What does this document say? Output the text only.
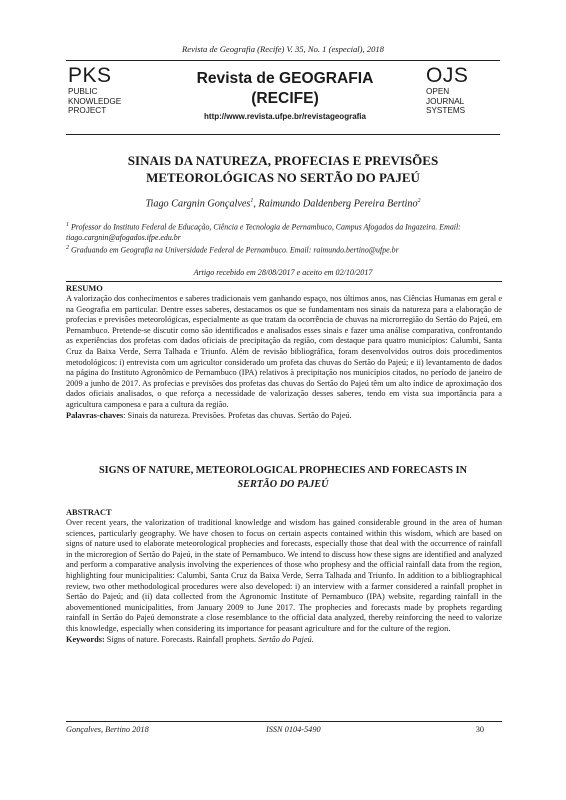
Revista de Geografia (Recife) V. 35, No. 1 (especial), 2018
PKS
PUBLIC
KNOWLEDGE
PROJECT
Revista de GEOGRAFIA
(RECIFE)
http://www.revista.ufpe.br/revistageografia
OJS
OPEN
JOURNAL
SYSTEMS
SINAIS DA NATUREZA, PROFECIAS E PREVISÕES
METEOROLÓGICAS NO SERTÃO DO PAJEÚ
Tiago Cargnin Gonçalves$^1$, Raimundo Daldenberg Pereira Bertino$^2$
$^1$ Professor do Instituto Federal de Educação, Ciência e Tecnologia de Pernambuco, Campus Afogados da Ingazeira. Email: tiago.cargnin@afogados.ifpe.edu.br
$^2$ Graduando em Geografia na Universidade Federal de Pernambuco. Email: raimundo.bertino@ufpe.br
Artigo recebido em 28/08/2017 e aceito em 02/10/2017
RESUMO

A valorização dos conhecimentos e saberes tradicionais vem ganhando espaço, nos últimos anos, nas Ciências Humanas em geral e na Geografia em particular. Dentre esses saberes, destacamos os que se fundamentam nos sinais da natureza para a elaboração de profecias e previsões meteorológicas, especialmente as que tratam da ocorrência de chuvas na microrregião do Sertão do Pajeú, em Pernambuco. Pretende-se discutir como são identificados e analisados esses sinais e fazer uma análise comparativa, confrontando as experiências dos profetas com dados oficiais de precipitação da região, com destaque para quatro municípios: Calumbi, Santa Cruz da Baixa Verde, Serra Talhada e Triunfo. Além de revisão bibliográfica, foram desenvolvidos outros dois procedimentos metodológicos: i) entrevista com um agricultor considerado um profeta das chuvas do Sertão do Pajeú; e ii) levantamento de dados na página do Instituto Agronômico de Pernambuco (IPA) relativos à precipitação nos municípios citados, no período de janeiro de 2009 a junho de 2017. As profecias e previsões dos profetas das chuvas do Sertão do Pajeú têm um alto índice de aproximação dos dados oficiais analisados, o que reforça a necessidade de valorização desses saberes, tendo em vista sua importância para a agricultura camponesa e para a cultura da região.

Palavras-chaves: Sinais da natureza. Previsões. Profetas das chuvas. Sertão do Pajeú.

SIGNS OF NATURE, METEOROLOGICAL PROPHECIES AND FORECASTS IN
SERTÃO DO PAJEÚ
ABSTRACT

Over recent years, the valorization of traditional knowledge and wisdom has gained considerable ground in the area of human sciences, particularly geography. We have chosen to focus on certain aspects contained within this wisdom, which are based on signs of nature used to elaborate meteorological prophecies and forecasts, especially those that deal with the occurrence of rainfall in the microregion of Sertão do Pajeú, in the state of Pernambuco. We intend to discuss how these signs are identified and analyzed and perform a comparative analysis involving the experiences of those who prophesy and the official rainfall data from the region, highlighting four municipalities: Calumbi, Santa Cruz da Baixa Verde, Serra Talhada and Triunfo. In addition to a bibliographical review, two other methodological procedures were also developed: i) an interview with a farmer considered a rainfall prophet in Sertão do Pajeú; and (ii) data collected from the Agronomic Institute of Pernambuco (IPA) website, regarding rainfall in the abovementioned municipalities, from January 2009 to June 2017. The prophecies and forecasts made by prophets regarding rainfall in Sertão do Pajeú demonstrate a close resemblance to the official data analyzed, thereby reinforcing the need to valorize this knowledge, especially when considering its importance for peasant agriculture and for the culture of the region.

Keywords: Signs of nature. Forecasts. Rainfall prophets. Sertão do Pajeú.

Gonçalves, Bertino 2018	ISSN 0104-5490	30
